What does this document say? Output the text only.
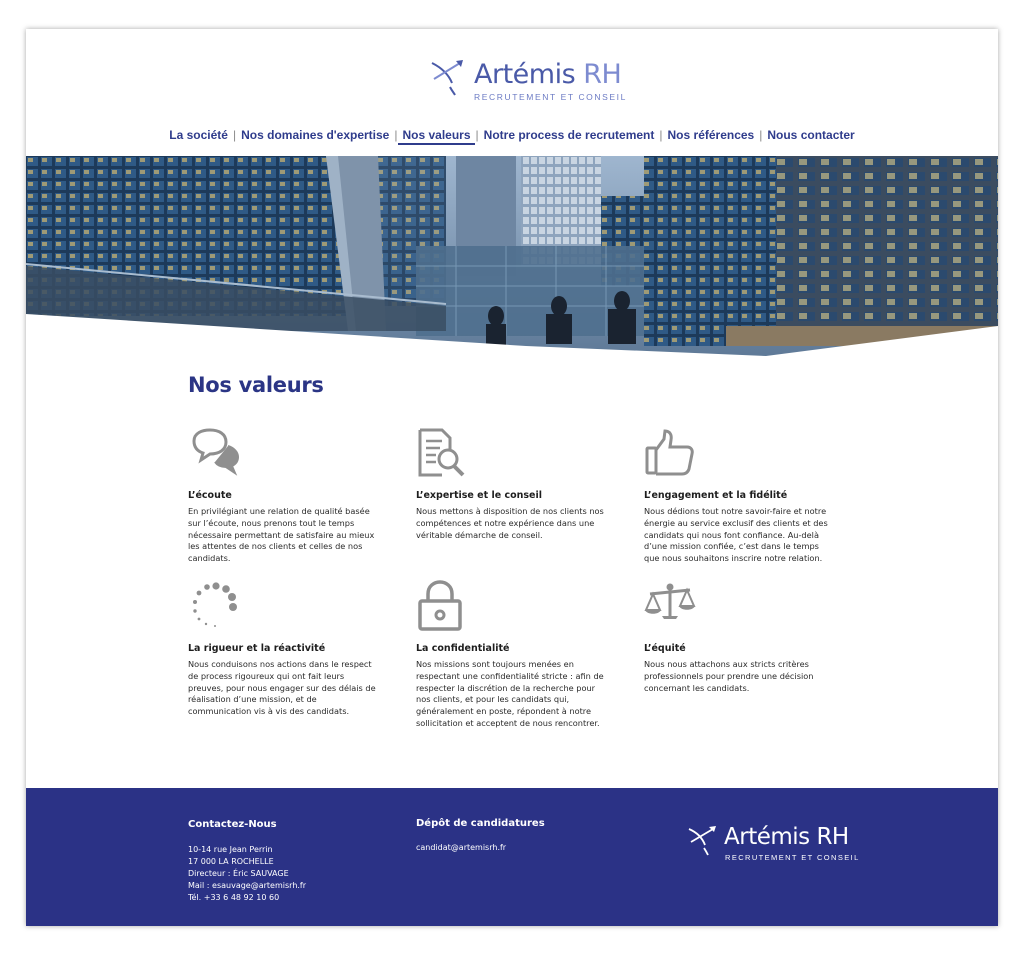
Artémis RH
RECRUTEMENT ET CONSEIL
La société | Nos domaines d'expertise | Nos valeurs | Notre process de recrutement | Nos références | Nous contacter
Nos valeurs
L’écoute
En privilégiant une relation de qualité basée sur l’écoute, nous prenons tout le temps nécessaire permettant de satisfaire au mieux les attentes de nos clients et celles de nos candidats.
L’expertise et le conseil
Nous mettons à disposition de nos clients nos compétences et notre expérience dans une véritable démarche de conseil.
L’engagement et la fidélité
Nous dédions tout notre savoir-faire et notre énergie au service exclusif des clients et des candidats qui nous font confiance. Au-delà d’une mission confiée, c’est dans le temps que nous souhaitons inscrire notre relation.
La rigueur et la réactivité
Nous conduisons nos actions dans le respect de process rigoureux qui ont fait leurs preuves, pour nous engager sur des délais de réalisation d’une mission, et de communication vis à vis des candidats.
La confidentialité
Nos missions sont toujours menées en respectant une confidentialité stricte : afin de respecter la discrétion de la recherche pour nos clients, et pour les candidats qui, généralement en poste, répondent à notre sollicitation et acceptent de nous rencontrer.
L’équité
Nous nous attachons aux stricts critères professionnels pour prendre une décision concernant les candidats.
Contactez-Nous
10-14 rue Jean Perrin
17 000 LA ROCHELLE
Directeur : Éric SAUVAGE
Mail : esauvage@artemisrh.fr
Tél. +33 6 48 92 10 60
Dépôt de candidatures
candidat@artemisrh.fr	Artémis RH
RECRUTEMENT ET CONSEIL
